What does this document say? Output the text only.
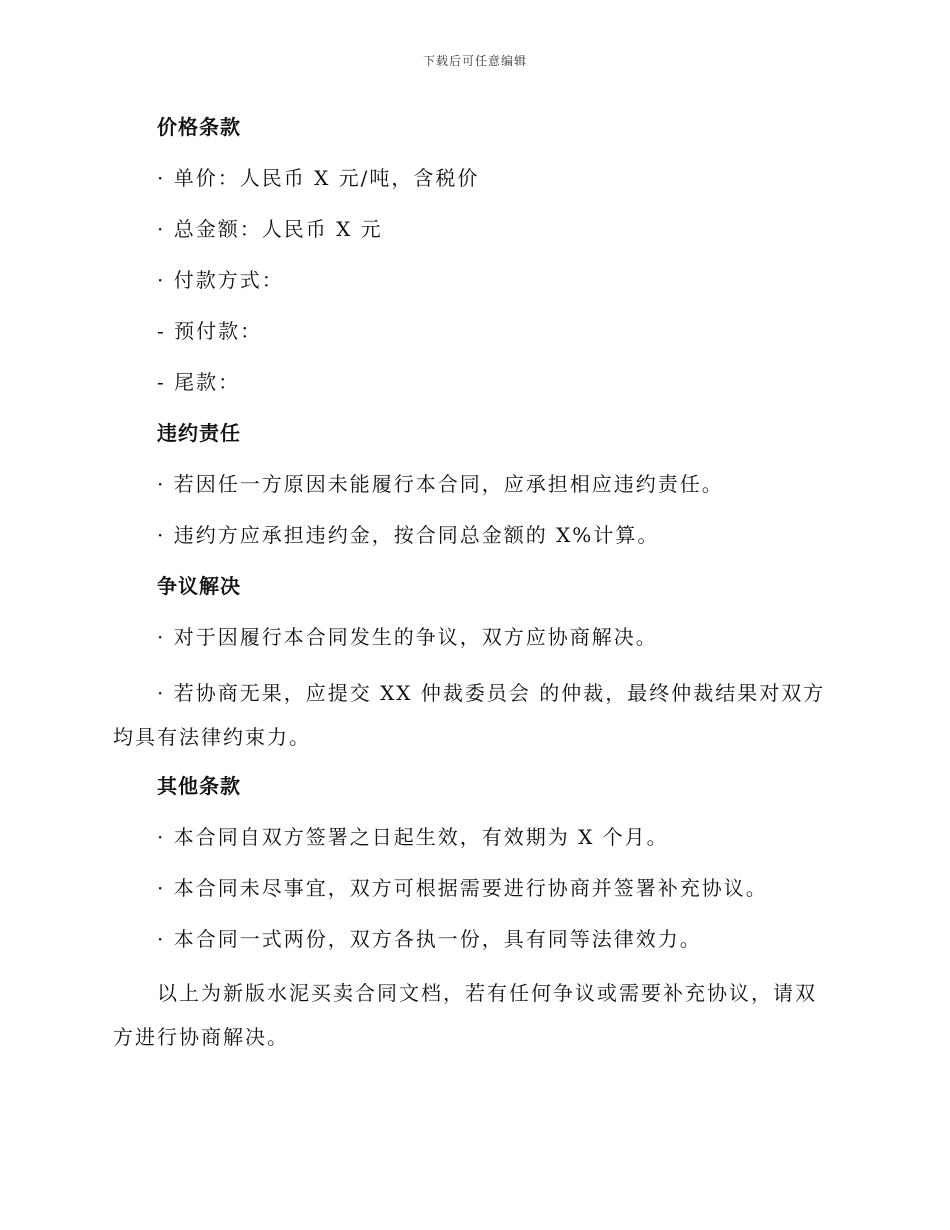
下载后可任意编辑
价格条款
· 单价：人民币 X 元/吨，含税价
· 总金额：人民币 X 元
· 付款方式：
- 预付款：
- 尾款：
违约责任
· 若因任一方原因未能履行本合同，应承担相应违约责任。
· 违约方应承担违约金，按合同总金额的 X%计算。
争议解决
· 对于因履行本合同发生的争议，双方应协商解决。
· 若协商无果，应提交 XX 仲裁委员会 的仲裁，最终仲裁结果对双方均具有法律约束力。
其他条款
· 本合同自双方签署之日起生效，有效期为 X 个月。
· 本合同未尽事宜，双方可根据需要进行协商并签署补充协议。
· 本合同一式两份，双方各执一份，具有同等法律效力。
以上为新版水泥买卖合同文档，若有任何争议或需要补充协议，请双方进行协商解决。
